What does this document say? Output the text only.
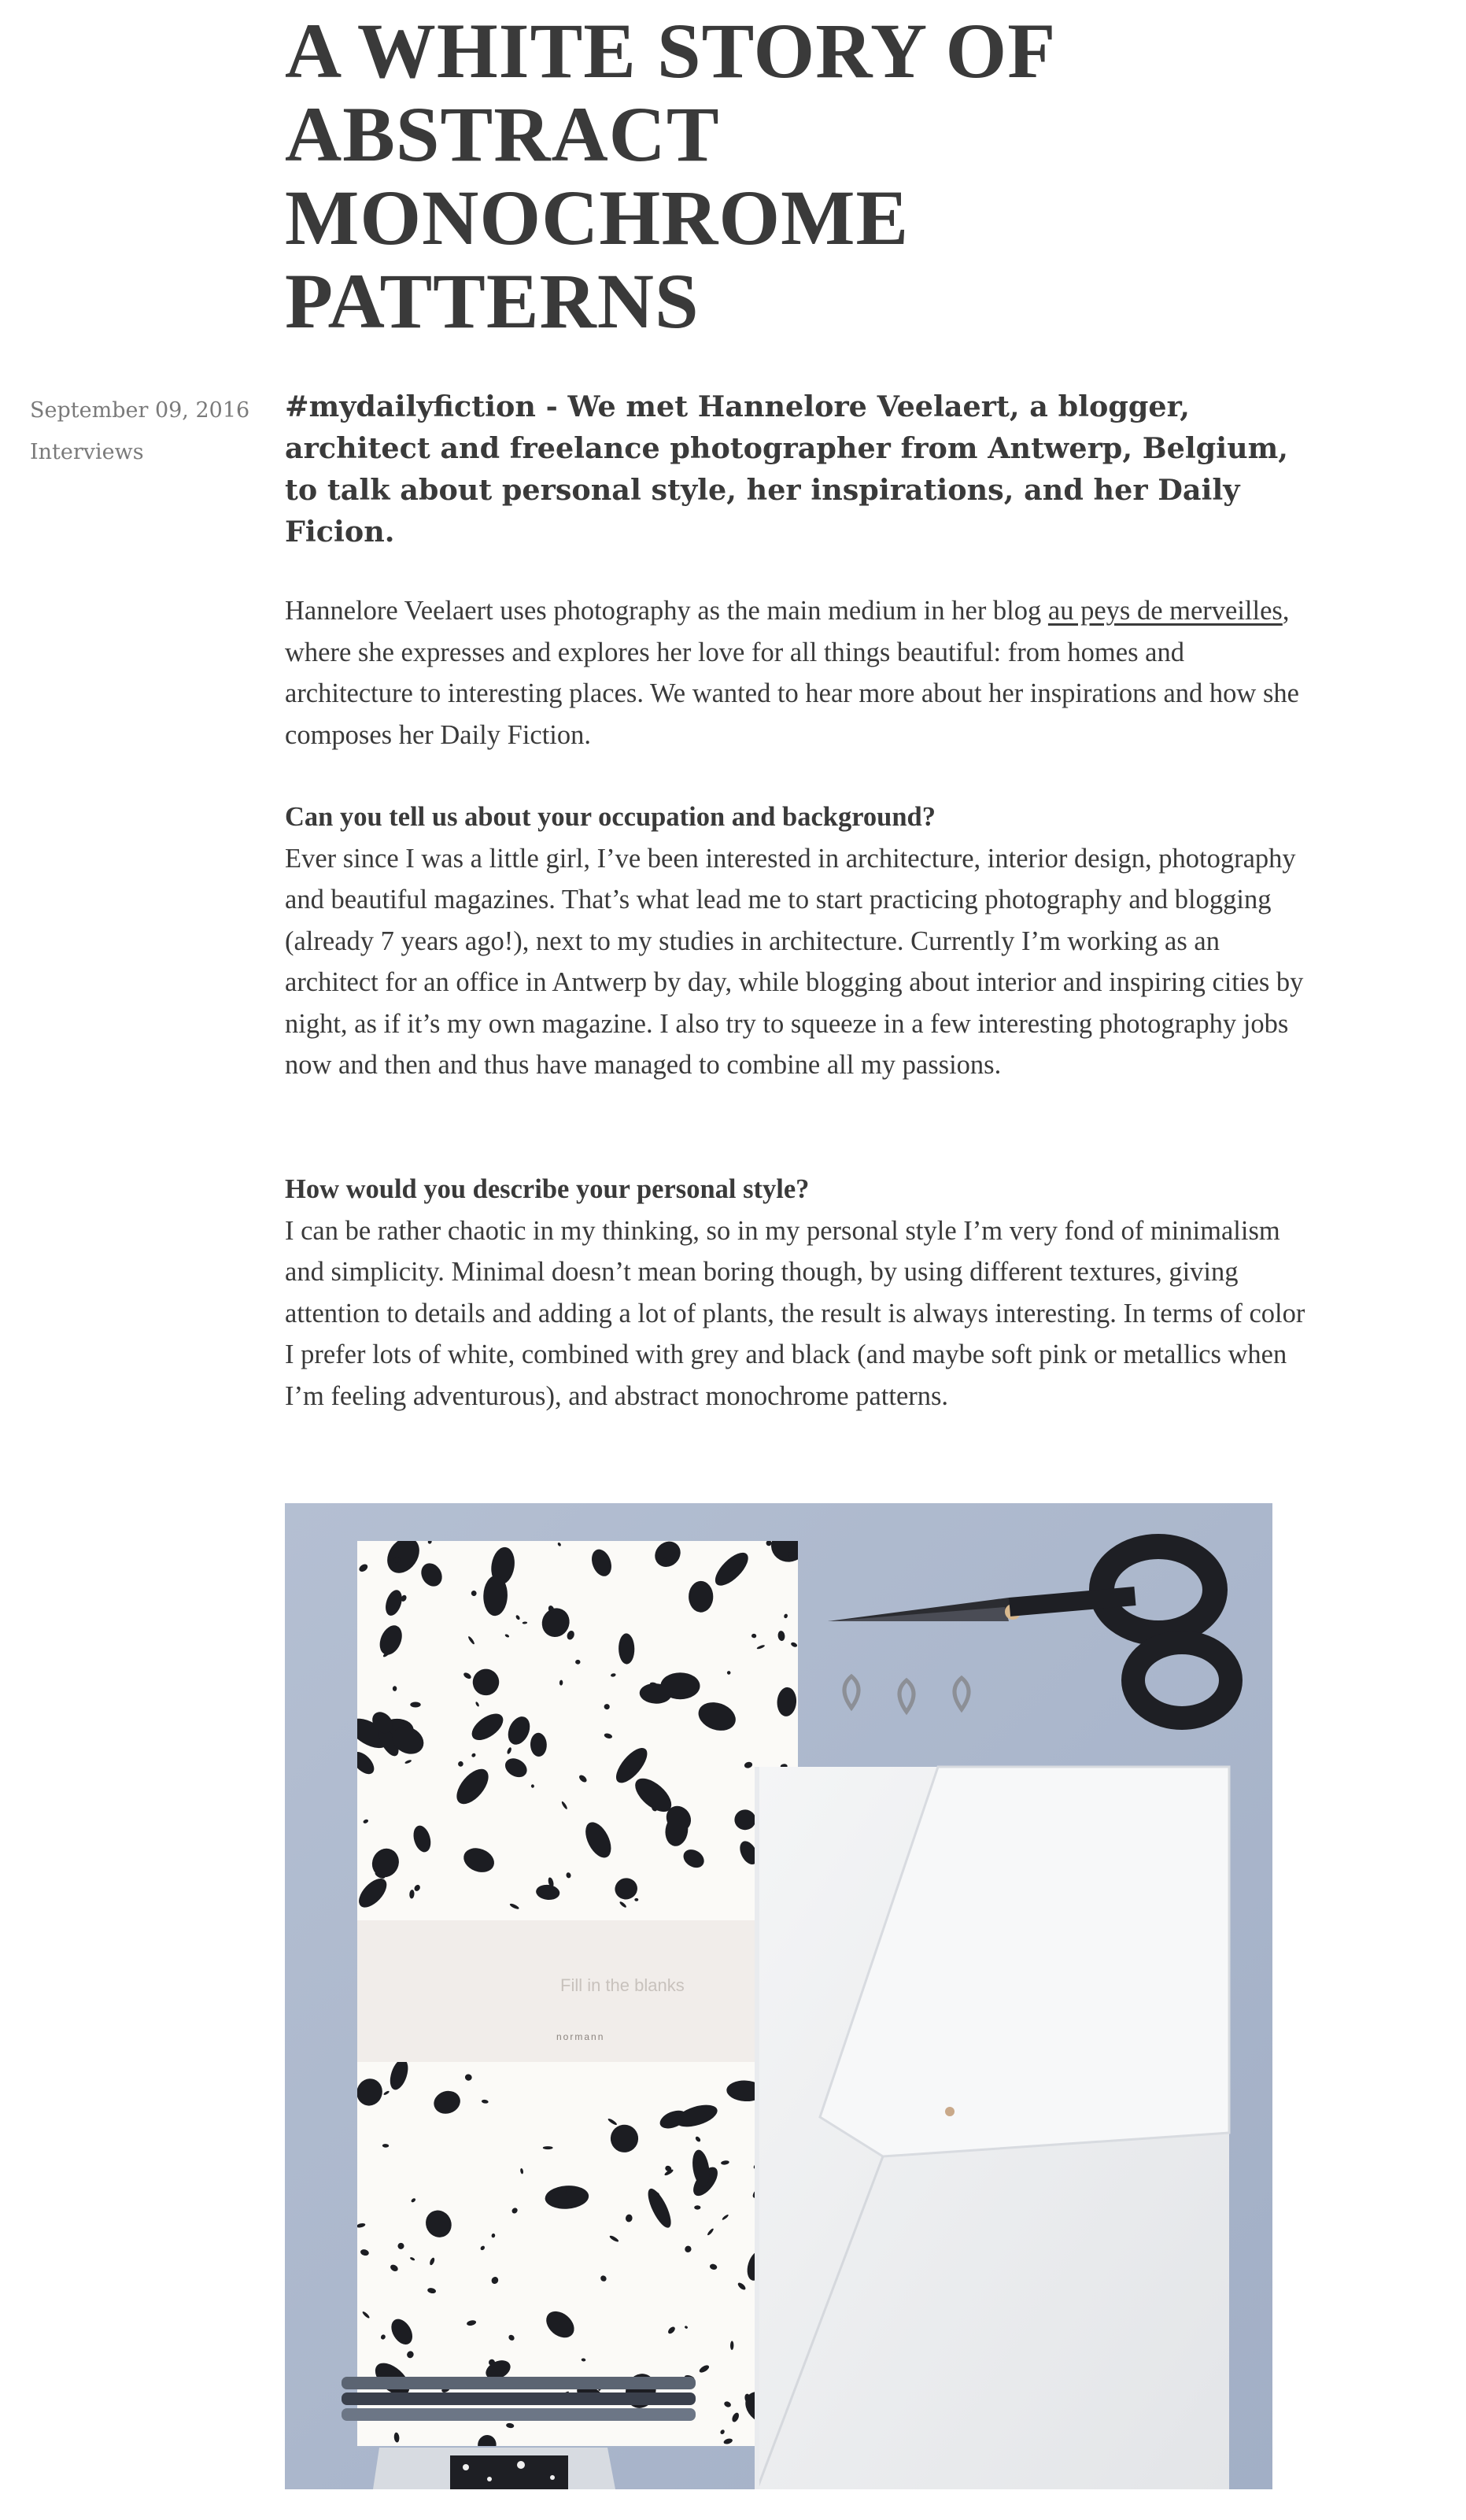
A WHITE STORY OF ABSTRACT MONOCHROME PATTERNS
September 09, 2016
Interviews

#mydailyfiction - We met Hannelore Veelaert, a blogger, architect and freelance photographer from Antwerp, Belgium, to talk about personal style, her inspirations, and her Daily Ficion.

Hannelore Veelaert uses photography as the main medium in her blog au peys de merveilles, where she expresses and explores her love for all things beautiful: from homes and architecture to interesting places. We wanted to hear more about her inspirations and how she composes her Daily Fiction.

Can you tell us about your occupation and background?
Ever since I was a little girl, I’ve been interested in architecture, interior design, photography and beautiful magazines. That’s what lead me to start practicing photography and blogging (already 7 years ago!), next to my studies in architecture. Currently I’m working as an architect for an office in Antwerp by day, while blogging about interior and inspiring cities by night, as if it’s my own magazine. I also try to squeeze in a few interesting photography jobs now and then and thus have managed to combine all my passions.

How would you describe your personal style?
I can be rather chaotic in my thinking, so in my personal style I’m very fond of minimalism and simplicity. Minimal doesn’t mean boring though, by using different textures, giving attention to details and adding a lot of plants, the result is always interesting. In terms of color I prefer lots of white, combined with grey and black (and maybe soft pink or metallics when I’m feeling adventurous), and abstract monochrome patterns.

Fill in the blanks
normann
